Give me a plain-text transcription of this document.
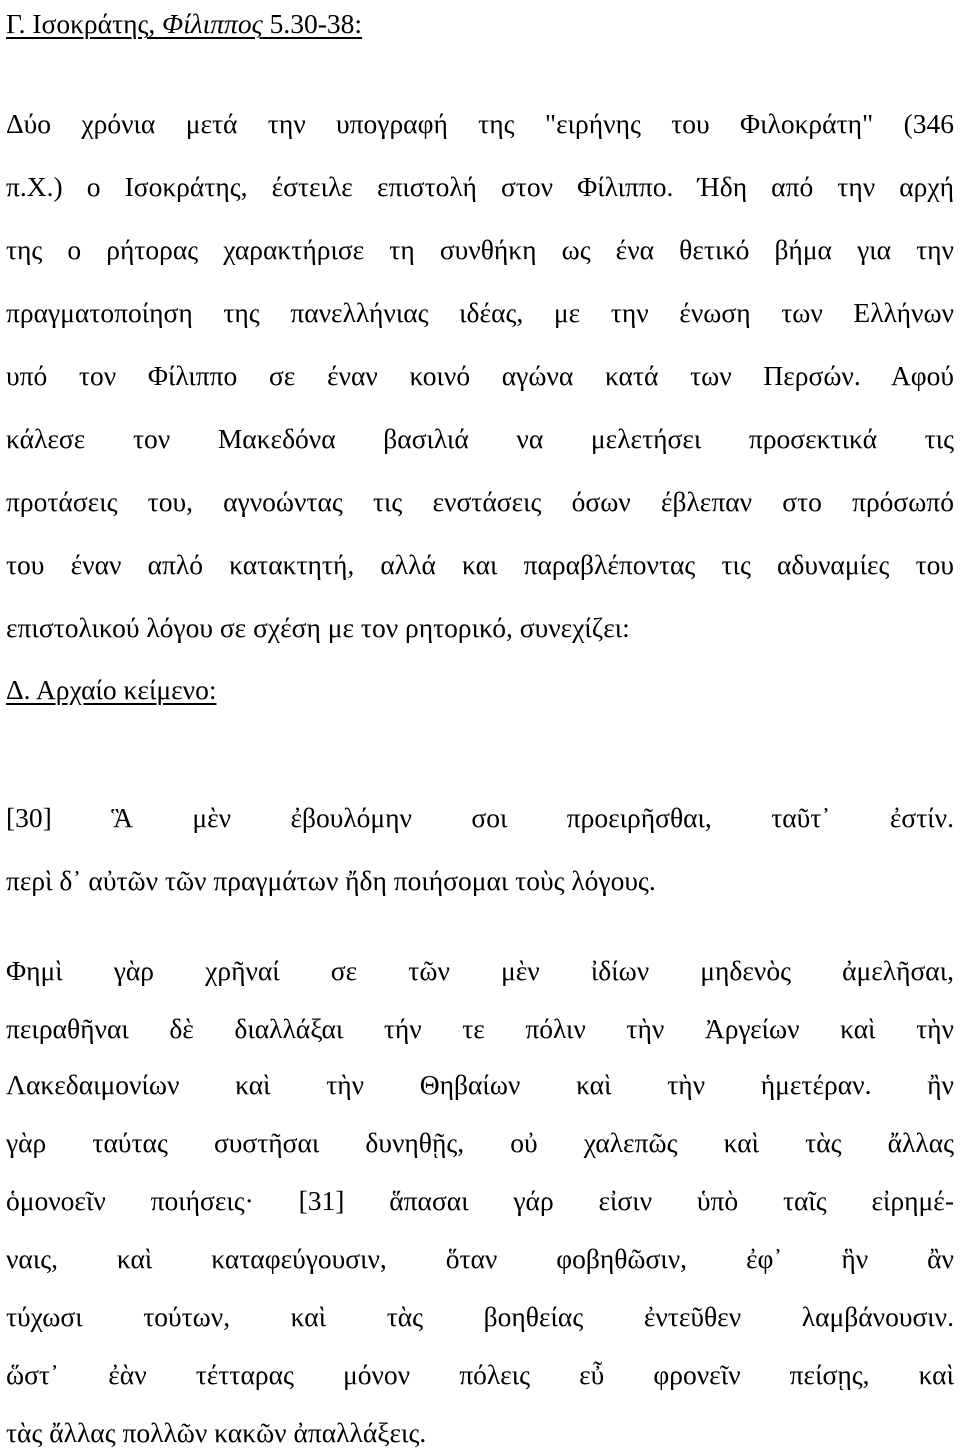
Γ. Ισοκράτης, Φίλιππος 5.30-38:
Δύο χρόνια μετά την υπογραφή της "ειρήνης του Φιλοκράτη" (346
π.Χ.) ο Ισοκράτης, έστειλε επιστολή στον Φίλιππο. Ήδη από την αρχή
της ο ρήτορας χαρακτήρισε τη συνθήκη ως ένα θετικό βήμα για την
πραγματοποίηση της πανελλήνιας ιδέας, με την ένωση των Ελλήνων
υπό τον Φίλιππο σε έναν κοινό αγώνα κατά των Περσών. Αφού
κάλεσε τον Μακεδόνα βασιλιά να μελετήσει προσεκτικά τις
προτάσεις του, αγνοώντας τις ενστάσεις όσων έβλεπαν στο πρόσωπό
του έναν απλό κατακτητή, αλλά και παραβλέποντας τις αδυναμίες του
επιστολικού λόγου σε σχέση με τον ρητορικό, συνεχίζει:
Δ. Αρχαίο κείμενο:
[30] Ἃ μὲν ἐβουλόμην σοι προειρῆσθαι, ταῦτ᾽ ἐστίν.
περὶ δ᾽ αὐτῶν τῶν πραγμάτων ἤδη ποιήσομαι τοὺς λόγους.
Φημὶ γὰρ χρῆναί σε τῶν μὲν ἰδίων μηδενὸς ἀμελῆσαι,
πειραθῆναι δὲ διαλλάξαι τήν τε πόλιν τὴν Ἀργείων καὶ τὴν
Λακεδαιμονίων καὶ τὴν Θηβαίων καὶ τὴν ἡμετέραν. ἢν
γὰρ ταύτας συστῆσαι δυνηθῇς, οὐ χαλεπῶς καὶ τὰς ἄλλας
ὁμονοεῖν ποιήσεις· [31] ἅπασαι γάρ εἰσιν ὑπὸ ταῖς εἰρημέ-
ναις, καὶ καταφεύγουσιν, ὅταν φοβηθῶσιν, ἐφ᾽ ἣν ἂν
τύχωσι τούτων, καὶ τὰς βοηθείας ἐντεῦθεν λαμβάνουσιν.
ὥστ᾽ ἐὰν τέτταρας μόνον πόλεις εὖ φρονεῖν πείσῃς, καὶ
τὰς ἄλλας πολλῶν κακῶν ἀπαλλάξεις.
